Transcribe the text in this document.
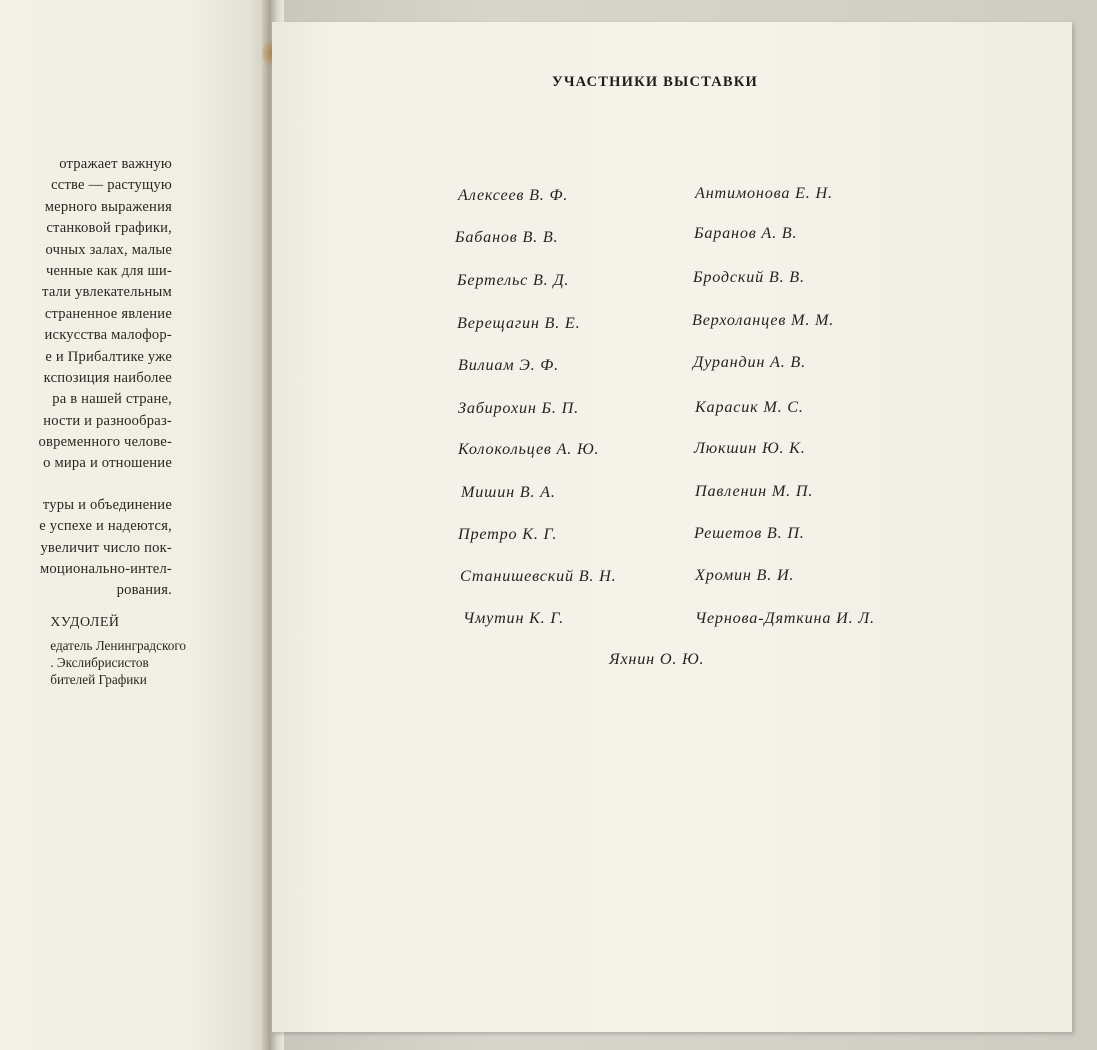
отражает важную
сстве — растущую
мерного выражения
станковой графики,
очных залах, малые
ченные как для ши-
тали увлекательным
страненное явление
искусства малофор-
е и Прибалтике уже
кспозиция наиболее
ра в нашей стране,
ности и разнообраз-
овременного челове-
о мира и отношение
туры и объединение
е успехе и надеются,
увеличит число пок-
моционально-интел-
рования.
ХУДОЛЕЙ
едатель Ленинградского
. Экслибрисистов
бителей Графики
УЧАСТНИКИ ВЫСТАВКИ
Алексеев В. Ф.
Бабанов В. В.
Бертельс В. Д.
Верещагин В. Е.
Вилиам Э. Ф.
Забирохин Б. П.
Колокольцев А. Ю.
Мишин В. А.
Претро К. Г.
Станишевский В. Н.
Чмутин К. Г.
Антимонова Е. Н.
Баранов А. В.
Бродский В. В.
Верхоланцев М. М.
Дурандин А. В.
Карасик М. С.
Люкшин Ю. К.
Павленин М. П.
Решетов В. П.
Хромин В. И.
Чернова-Дяткина И. Л.
Яхнин О. Ю.
